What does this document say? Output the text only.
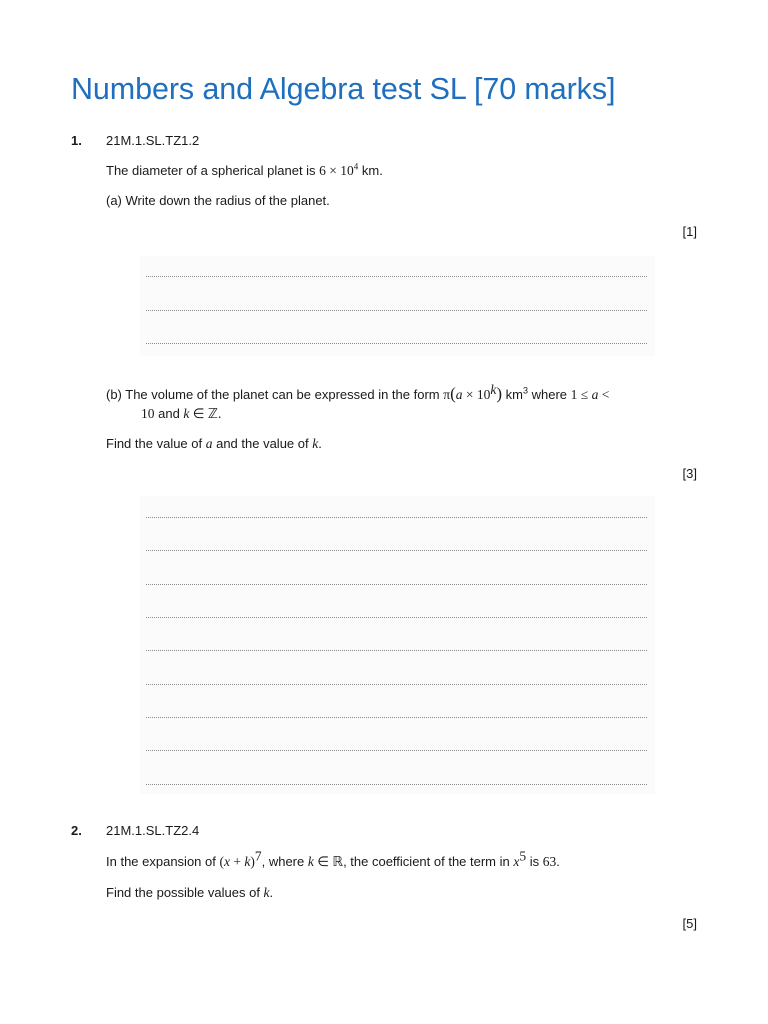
Numbers and Algebra test SL [70 marks]
1. 21M.1.SL.TZ1.2
The diameter of a spherical planet is $6 \times 10^4$ km.
(a) Write down the radius of the planet.
[1]
(b) The volume of the planet can be expressed in the form $\pi(a \times 10^k)$ $km^3$ where 1 ≤ a <
10 and k ∈ ℤ.
Find the value of a and the value of k.
[3]
2. 21M.1.SL.TZ2.4
In the expansion of $(x + k)^7$, where k ∈ ℝ, the coefficient of the term in $x^5$ is 63.
Find the possible values of k.
[5]
